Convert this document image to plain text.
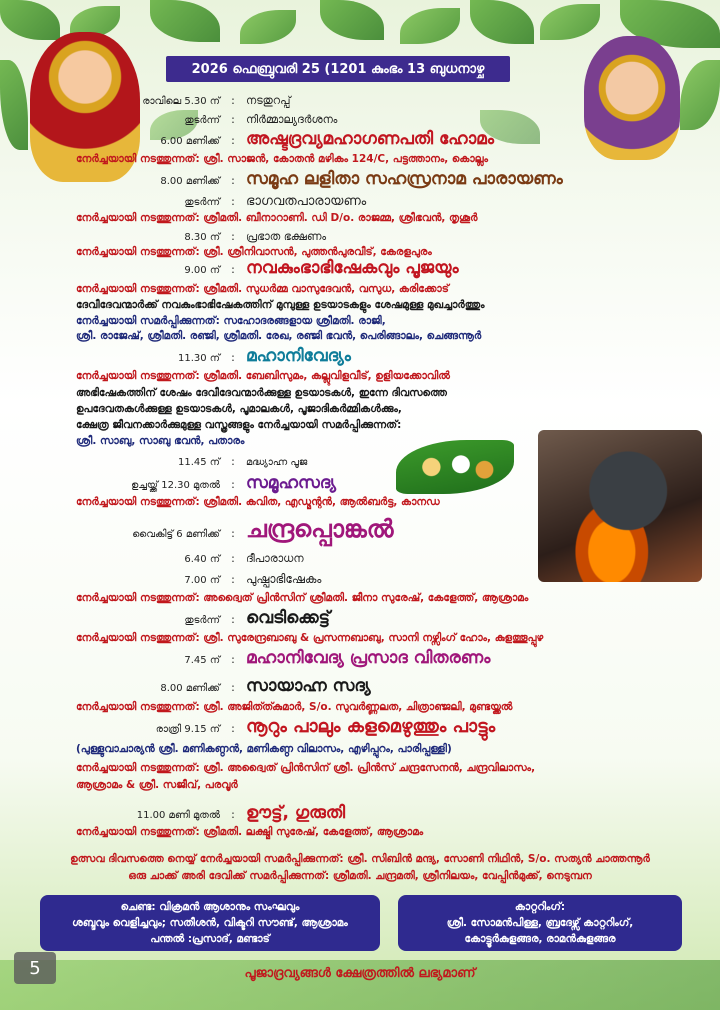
2026 ഫെബ്രുവരി 25 (1201 കുംഭം 13 ബുധനാഴ്ച
രാവിലെ 5.30 ന്	:	നടതുറപ്പ്
തുടർന്ന്	:	നിർമ്മാല്യദർശനം
6.00 മണിക്ക്	: അഷ്ടദ്രവ്യമഹാഗണപതി ഹോമം
നേർച്ചയായി നടത്തുന്നത്: ശ്രീ. സാജൻ, കോതൻ മഴികം 124/C, പട്ടത്താനം, കൊല്ലം
8.00 മണിക്ക്	: സമൂഹ ലളിതാ സഹസ്രനാമ പാരായണം
തുടർന്ന്	: ഭാഗവതപാരായണം
നേർച്ചയായി നടത്തുന്നത്: ശ്രീമതി. ബീനാറാണി. ഡി D/o. രാജമ്മ, ശ്രീഭവൻ, തൃശൂർ
8.30 ന്	:	പ്രഭാത ഭക്ഷണം
നേർച്ചയായി നടത്തുന്നത്: ശ്രീ. ശ്രീനിവാസൻ, പുത്തൻപുരവീട്, കേരളപുരം
9.00 ന്	: നവകുംഭാഭിഷേകവും പൂജയും
നേർച്ചയായി നടത്തുന്നത്: ശ്രീമതി. സുധർമ്മ വാസുദേവൻ, വസുധ, കരിക്കോട്
ദേവീദേവന്മാർക്ക് നവകുംഭാഭിഷേകത്തിന് മുമ്പുള്ള ഉടയാടകളും ശേഷമുള്ള മുഖച്ചാർത്തും
നേർച്ചയായി സമർപ്പിക്കുന്നത്: സഹോദരങ്ങളായ ശ്രീമതി. രാജി,
ശ്രീ. രാജേഷ്, ശ്രീമതി. രഞ്ജി, ശ്രീമതി. രേഖ, രഞ്ജി ഭവൻ, പെരിങ്ങാലം, ചെങ്ങന്നൂർ
11.30 ന്	: മഹാനിവേദ്യം
നേർച്ചയായി നടത്തുന്നത്: ശ്രീമതി. ബേബിസുമം, കല്ലുവിളവീട്, ഉളിയക്കോവിൽ
അഭിഷേകത്തിന് ശേഷം ദേവീദേവന്മാർക്കുള്ള ഉടയാടകൾ, ഇന്നേ ദിവസത്തെ
ഉപദേവതകൾക്കുള്ള ഉടയാടകൾ, പൂമാലകൾ, പൂജാദികർമ്മികൾക്കും,
ക്ഷേത്ര ജീവനക്കാർക്കുമുള്ള വസ്ത്രങ്ങളും നേർച്ചയായി സമർപ്പിക്കുന്നത്:
ശ്രീ. സാബു, സാബു ഭവൻ, പതാരം
11.45 ന്	:	മദ്ധ്യാഹ്ന പൂജ
ഉച്ചയ്ക്ക് 12.30 മുതൽ	: സമൂഹസദ്യ
നേർച്ചയായി നടത്തുന്നത്: ശ്രീമതി. കവിത, എഡ്മന്റൻ, ആൽബർട്ട, കാനഡ
വൈകിട്ട് 6 മണിക്ക്	: ചന്ദ്രപ്പൊങ്കൽ
6.40 ന്	:	ദീപാരാധന
7.00 ന്	: പുഷ്പാഭിഷേകം
നേർച്ചയായി നടത്തുന്നത്: അദ്വൈത് പ്രിൻസിന് ശ്രീമതി. ജീനാ സുരേഷ്, കേളേത്ത്, ആശ്രാമം
തുടർന്ന്	: വെടിക്കെട്ട്
നേർച്ചയായി നടത്തുന്നത്: ശ്രീ. സുരേന്ദ്രബാബു & പ്രസന്നബാബു, സാനി നഴ്സിംഗ് ഹോം, കുളത്തൂപ്പുഴ
7.45 ന്	: മഹാനിവേദ്യ പ്രസാദ വിതരണം
8.00 മണിക്ക്	: സായാഹ്ന സദ്യ
നേർച്ചയായി നടത്തുന്നത്: ശ്രീ. അജിത്ത്കുമാർ, S/o. സുവർണ്ണലത, ചിത്രാഞ്ജലി, മുണ്ടയ്ക്കൽ
രാത്രി 9.15 ന്	: നൂറും പാലും കളമെഴുത്തും പാട്ടും
(പുള്ളുവാചാര്യൻ ശ്രീ. മണികണ്ഠൻ, മണികണ്ഠ വിലാസം, എഴിപ്പുറം, പാരിപ്പള്ളി)
നേർച്ചയായി നടത്തുന്നത്: ശ്രീ. അദ്വൈത് പ്രിൻസിന് ശ്രീ. പ്രിൻസ് ചന്ദ്രസേനൻ, ചന്ദ്രവിലാസം,
ആശ്രാമം & ശ്രീ. സജീവ്, പരവൂർ
11.00 മണി മുതൽ	: ഊട്ട്, ഗുരുതി
നേർച്ചയായി നടത്തുന്നത്: ശ്രീമതി. ലക്ഷ്മി സുരേഷ്, കേളേത്ത്, ആശ്രാമം
ഉത്സവ ദിവസത്തെ നെയ്യ് നേർച്ചയായി സമർപ്പിക്കുന്നത്: ശ്രീ. സിബിൻ മന്ദ്യ, സോണി നിഥിൻ, S/o. സത്യൻ ചാത്തന്നൂർ
ഒരു ചാക്ക് അരി ദേവിക്ക് സമർപ്പിക്കുന്നത്: ശ്രീമതി. ചന്ദ്രമതി, ശ്രീനിലയം, വേപ്പിൻമുക്ക്, നെടുമ്പന
ചെണ്ട: വിക്രമൻ ആശാനും സംഘവും
ശബ്ദവും വെളിച്ചവും; സതീശൻ, വിക്ടറി സൗണ്ട്, ആശ്രാമം
പന്തൽ :പ്രസാദ്, മണ്ടാട്
കാറ്ററിംഗ്:
ശ്രീ. സോമൻപിള്ള, ബ്രദേഴ്സ് കാറ്ററിംഗ്,
കോട്ടൂർകുളങ്ങര, രാമൻകുളങ്ങര
5	പൂജാദ്രവ്യങ്ങൾ ക്ഷേത്രത്തിൽ ലഭ്യമാണ്
